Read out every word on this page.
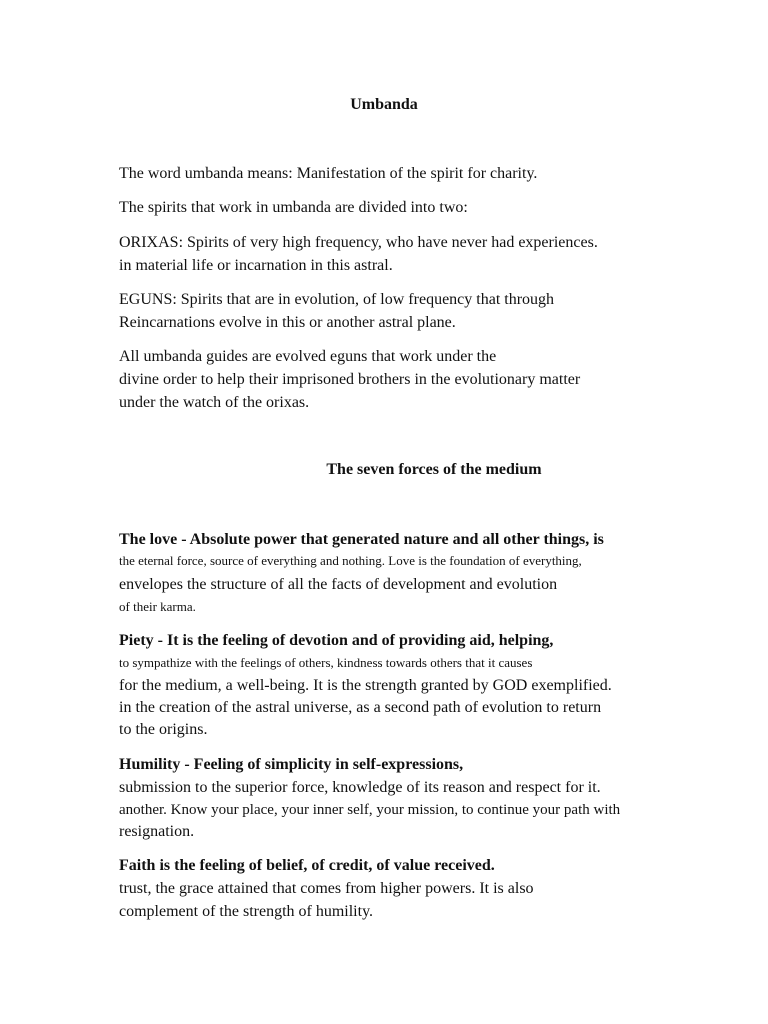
Umbanda
The word umbanda means: Manifestation of the spirit for charity.
The spirits that work in umbanda are divided into two:
ORIXAS: Spirits of very high frequency, who have never had experiences.
in material life or incarnation in this astral.
EGUNS: Spirits that are in evolution, of low frequency that through
Reincarnations evolve in this or another astral plane.
All umbanda guides are evolved eguns that work under the
divine order to help their imprisoned brothers in the evolutionary matter
under the watch of the orixas.
The seven forces of the medium
The love - Absolute power that generated nature and all other things, is
the eternal force, source of everything and nothing. Love is the foundation of everything,
envelopes the structure of all the facts of development and evolution
of their karma.
Piety - It is the feeling of devotion and of providing aid, helping,
to sympathize with the feelings of others, kindness towards others that it causes
for the medium, a well-being. It is the strength granted by GOD exemplified.
in the creation of the astral universe, as a second path of evolution to return
to the origins.
Humility - Feeling of simplicity in self-expressions,
submission to the superior force, knowledge of its reason and respect for it.
another. Know your place, your inner self, your mission, to continue your path with
resignation.
Faith is the feeling of belief, of credit, of value received.
trust, the grace attained that comes from higher powers. It is also
complement of the strength of humility.
